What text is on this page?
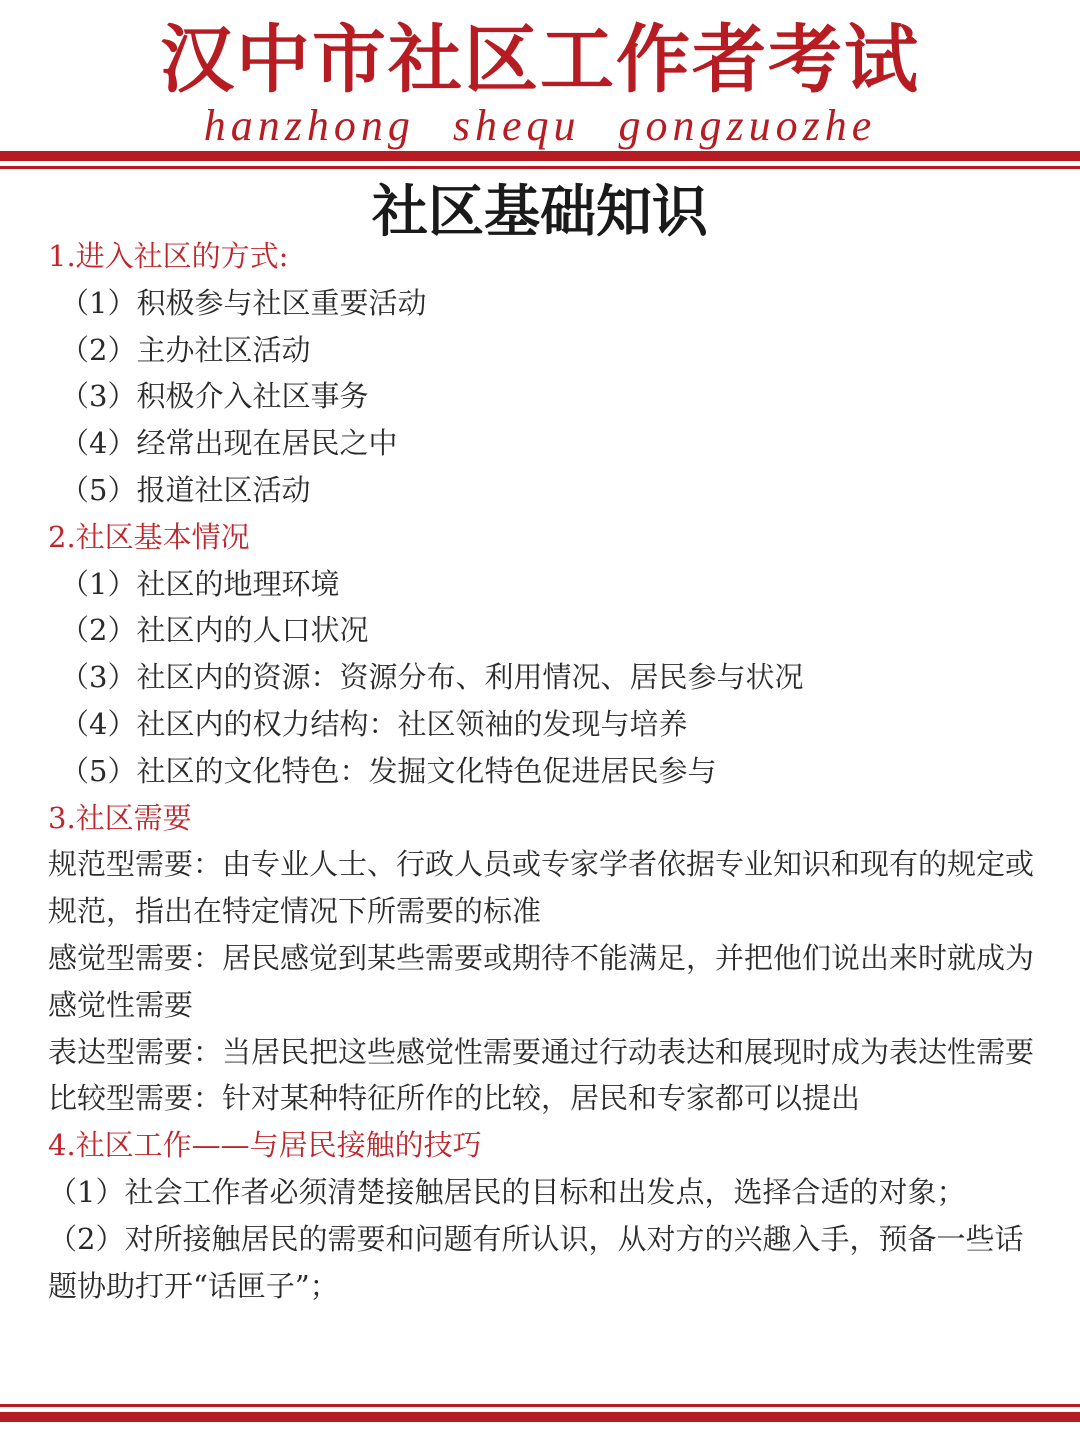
汉中市社区工作者考试
hanzhong shequ gongzuozhe
社区基础知识
1.进入社区的方式:
（1）积极参与社区重要活动
（2）主办社区活动
（3）积极介入社区事务
（4）经常出现在居民之中
（5）报道社区活动
2.社区基本情况
（1）社区的地理环境
（2）社区内的人口状况
（3）社区内的资源：资源分布、利用情况、居民参与状况
（4）社区内的权力结构：社区领袖的发现与培养
（5）社区的文化特色：发掘文化特色促进居民参与
3.社区需要
规范型需要：由专业人士、行政人员或专家学者依据专业知识和现有的规定或规范，指出在特定情况下所需要的标准
感觉型需要：居民感觉到某些需要或期待不能满足，并把他们说出来时就成为感觉性需要
表达型需要：当居民把这些感觉性需要通过行动表达和展现时成为表达性需要
比较型需要：针对某种特征所作的比较，居民和专家都可以提出
4.社区工作——与居民接触的技巧
（1）社会工作者必须清楚接触居民的目标和出发点，选择合适的对象；
（2）对所接触居民的需要和问题有所认识，从对方的兴趣入手，预备一些话题协助打开“话匣子”；
